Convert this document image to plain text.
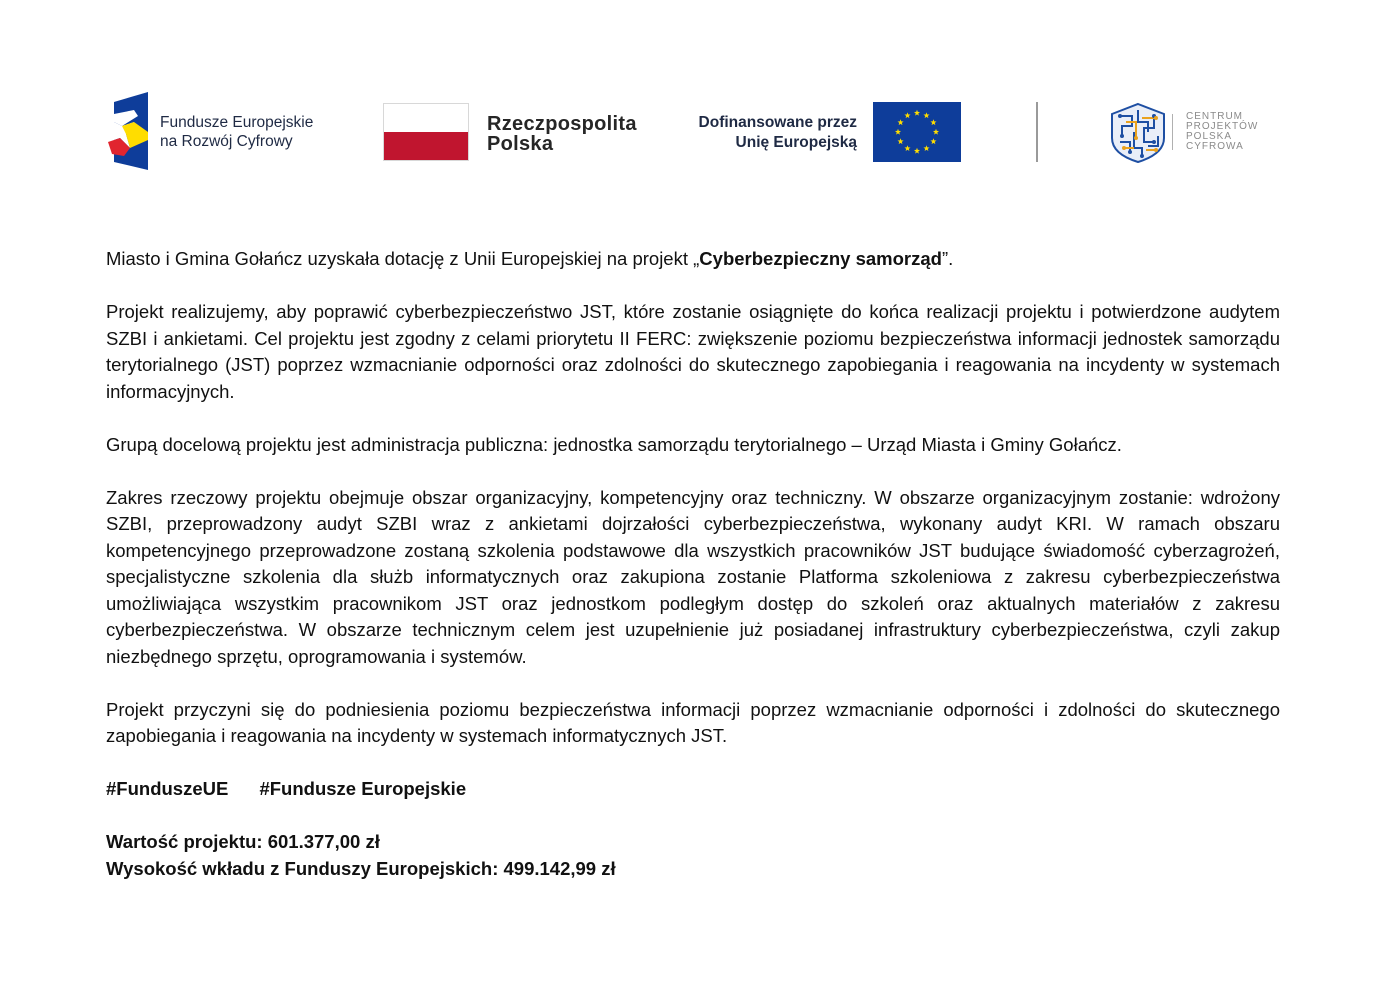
Fundusze Europejskie
na Rozwój Cyfrowy
Rzeczpospolita
Polska
Dofinansowane przez
Unię Europejską
CENTRUM
PROJEKTÓW
POLSKA
CYFROWA

Miasto i Gmina Gołańcz uzyskała dotację z Unii Europejskiej na projekt „Cyberbezpieczny samorząd”.

Projekt realizujemy, aby poprawić cyberbezpieczeństwo JST, które zostanie osiągnięte do końca realizacji projektu i potwierdzone audytem SZBI i ankietami. Cel projektu jest zgodny z celami priorytetu II FERC: zwiększenie poziomu bezpieczeństwa informacji jednostek samorządu terytorialnego (JST) poprzez wzmacnianie odporności oraz zdolności do skutecznego zapobiegania i reagowania na incydenty w systemach informacyjnych.

Grupą docelową projektu jest administracja publiczna: jednostka samorządu terytorialnego – Urząd Miasta i Gminy Gołańcz.

Zakres rzeczowy projektu obejmuje obszar organizacyjny, kompetencyjny oraz techniczny. W obszarze organizacyjnym zostanie: wdrożony SZBI, przeprowadzony audyt SZBI wraz z ankietami dojrzałości cyberbezpieczeństwa, wykonany audyt KRI. W ramach obszaru kompetencyjnego przeprowadzone zostaną szkolenia podstawowe dla wszystkich pracowników JST budujące świadomość cyberzagrożeń, specjalistyczne szkolenia dla służb informatycznych oraz zakupiona zostanie Platforma szkoleniowa z zakresu cyberbezpieczeństwa umożliwiająca wszystkim pracownikom JST oraz jednostkom podległym dostęp do szkoleń oraz aktualnych materiałów z zakresu cyberbezpieczeństwa. W obszarze technicznym celem jest uzupełnienie już posiadanej infrastruktury cyberbezpieczeństwa, czyli zakup niezbędnego sprzętu, oprogramowania i systemów.

Projekt przyczyni się do podniesienia poziomu bezpieczeństwa informacji poprzez wzmacnianie odporności i zdolności do skutecznego zapobiegania i reagowania na incydenty w systemach informatycznych JST.

#FunduszeUE #Fundusze Europejskie
Wartość projektu: 601.377,00 zł
Wysokość wkładu z Funduszy Europejskich: 499.142,99 zł
